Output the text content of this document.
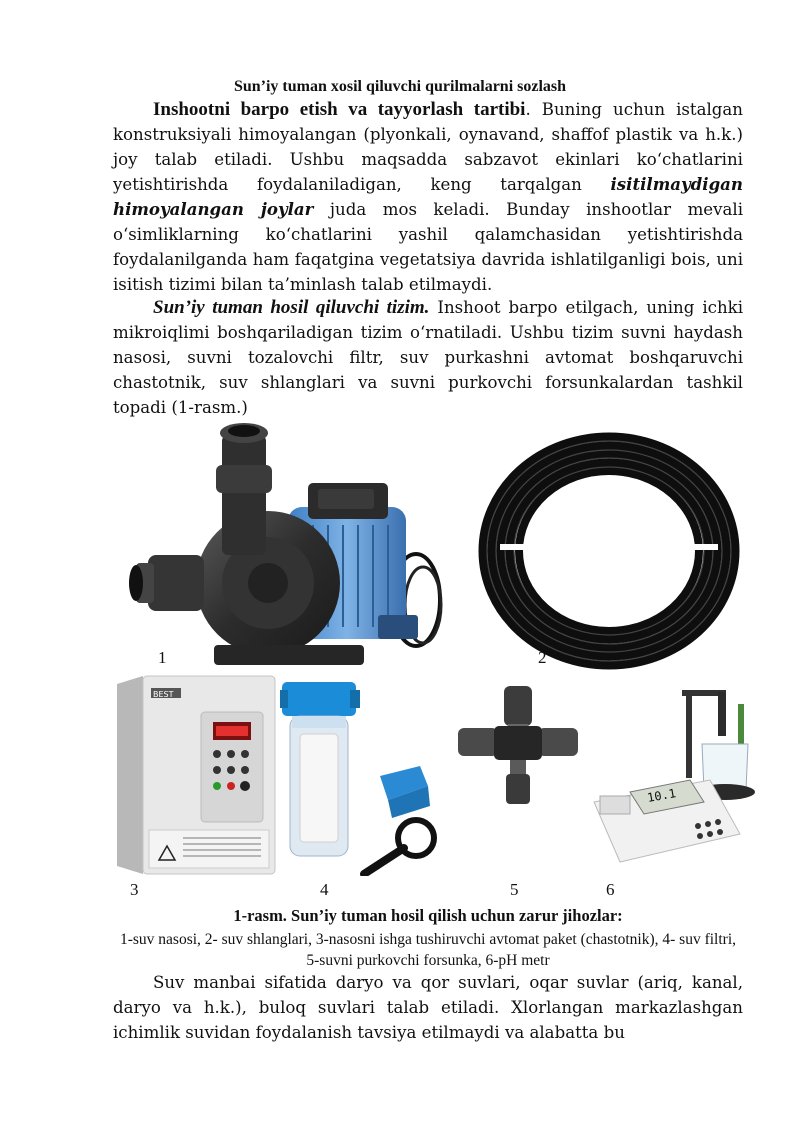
Sun’iy tuman xosil qiluvchi qurilmalarni sozlash

Inshootni barpo etish va tayyorlash tartibi. Buning uchun istalgan konstruksiyali himoyalangan (plyonkali, oynavand, shaffof plastik va h.k.) joy talab etiladi. Ushbu maqsadda sabzavot ekinlari koʻchatlarini yetishtirishda foydalaniladigan, keng tarqalgan isitilmaydigan himoyalangan joylar juda mos keladi. Bunday inshootlar mevali oʻsimliklarning koʻchatlarini yashil qalamchasidan yetishtirishda foydalanilganda ham faqatgina vegetatsiya davrida ishlatilganligi bois, uni isitish tizimi bilan ta’minlash talab etilmaydi.

Sun’iy tuman hosil qiluvchi tizim. Inshoot barpo etilgach, uning ichki mikroiqlimi boshqariladigan tizim oʻrnatiladi. Ushbu tizim suvni haydash nasosi, suvni tozalovchi filtr, suv purkashni avtomat boshqaruvchi chastotnik, suv shlanglari va suvni purkovchi forsunkalardan tashkil topadi (1-rasm.)

1	2
BEST
10.1
3	4	5	6
1-rasm. Sun’iy tuman hosil qilish uchun zarur jihozlar:
1-suv nasosi, 2- suv shlanglari, 3-nasosni ishga tushiruvchi avtomat paket (chastotnik), 4- suv filtri, 5-suvni purkovchi forsunka, 6-pH metr

Suv manbai sifatida daryo va qor suvlari, oqar suvlar (ariq, kanal, daryo va h.k.), buloq suvlari talab etiladi. Xlorlangan markazlashgan ichimlik suvidan foydalanish tavsiya etilmaydi va alabatta bu
